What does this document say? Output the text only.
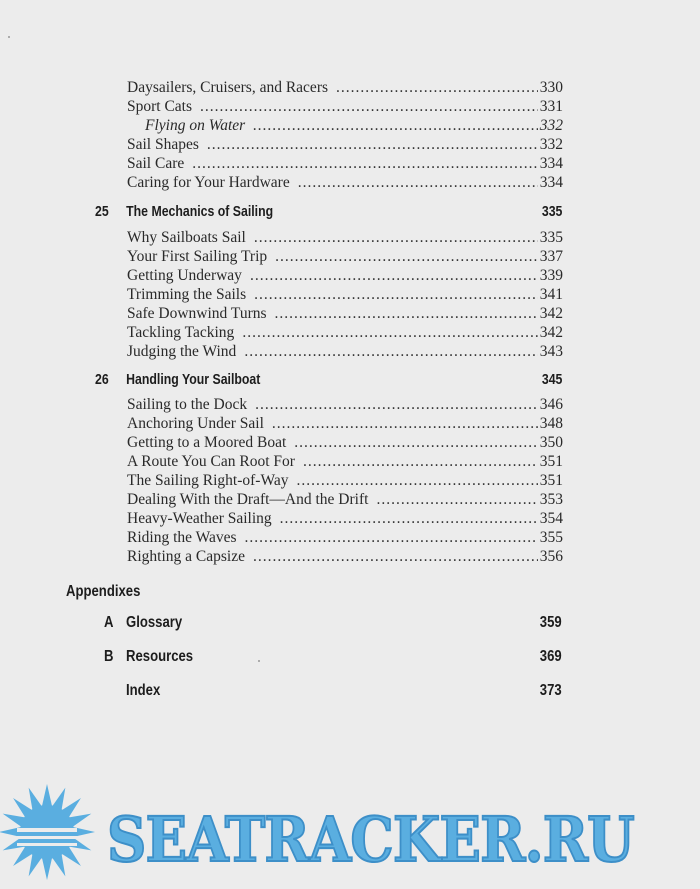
Daysailers, Cruisers, and Racers .....	330
Sport Cats .....	331
Flying on Water .....	332
Sail Shapes .....	332
Sail Care .....	334
Caring for Your Hardware .....	334
25 The Mechanics of Sailing	335
Why Sailboats Sail .....	335
Your First Sailing Trip .....	337
Getting Underway .....	339
Trimming the Sails .....	341
Safe Downwind Turns .....	342
Tackling Tacking .....	342
Judging the Wind .....	343
26 Handling Your Sailboat	345
Sailing to the Dock .....	346
Anchoring Under Sail .....	348
Getting to a Moored Boat .....	350
A Route You Can Root For .....	351
The Sailing Right-of-Way .....	351
Dealing With the Draft—And the Drift .....	353
Heavy-Weather Sailing .....	354
Riding the Waves .....	355
Righting a Capsize .....	356
Appendixes
A Glossary	359
B Resources	369
Index	373
SEATRACKER.RU
